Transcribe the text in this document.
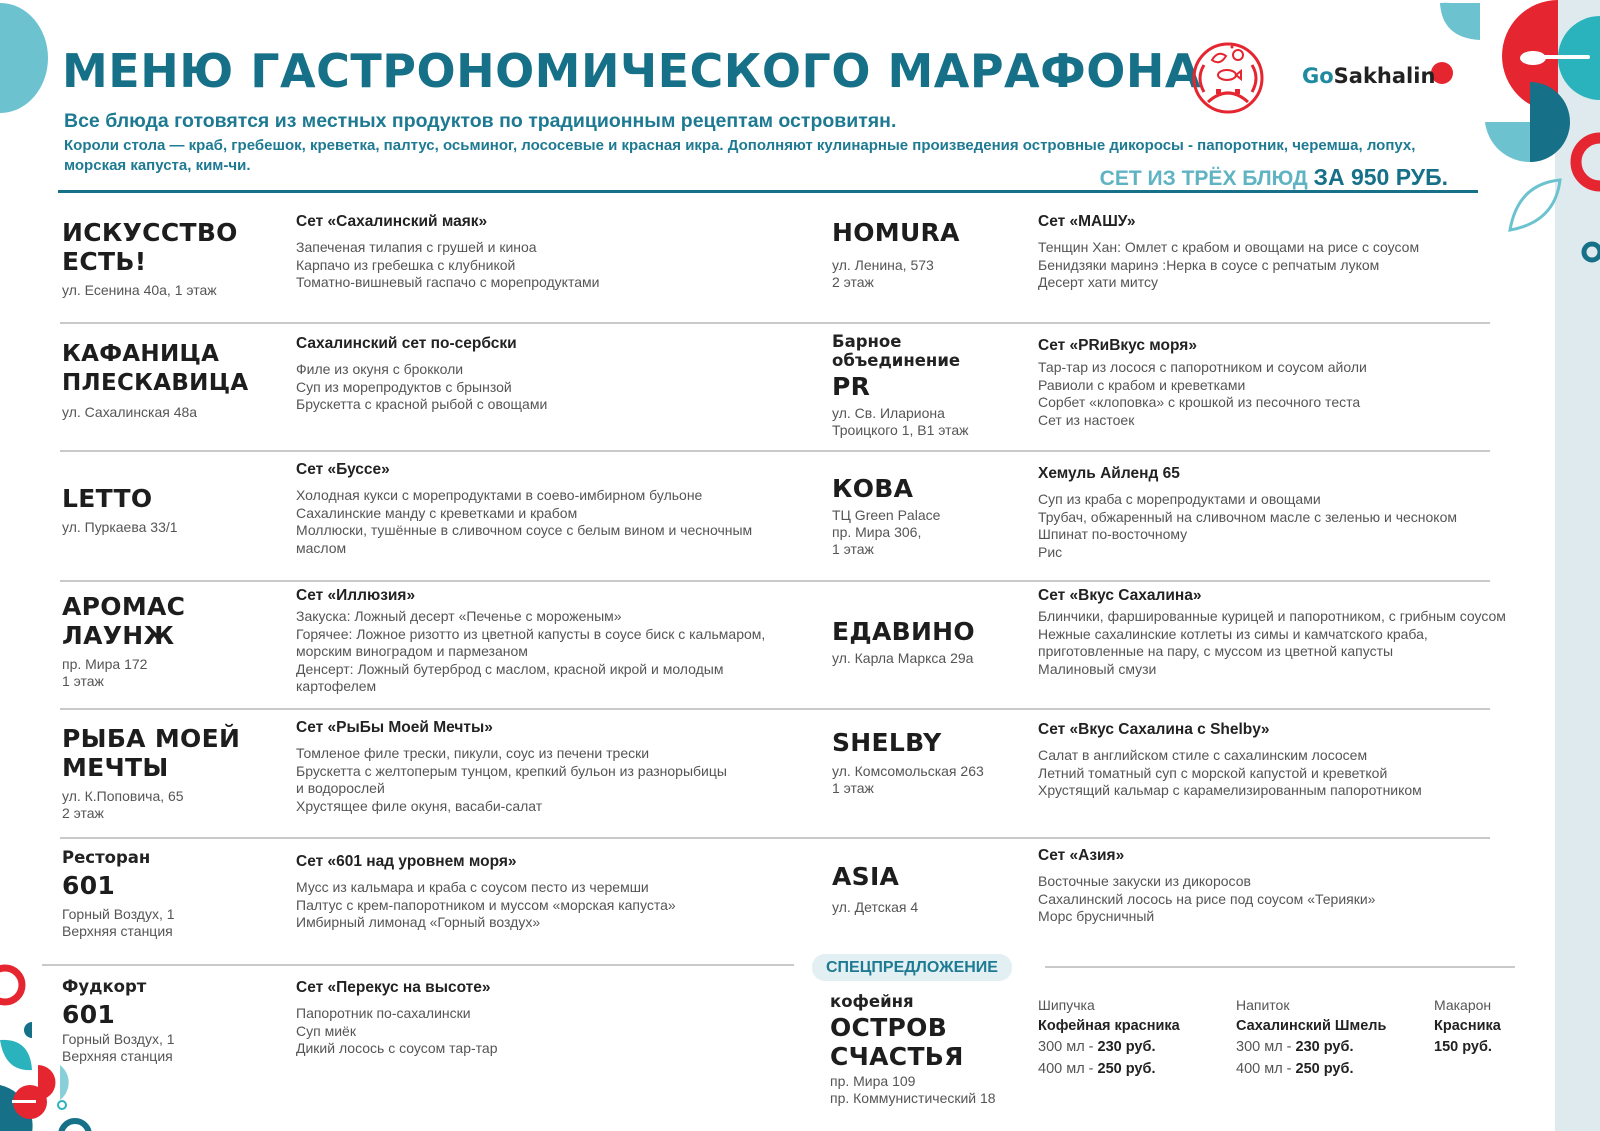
МЕНЮ ГАСТРОНОМИЧЕСКОГО МАРАФОНА
Все блюда готовятся из местных продуктов по традиционным рецептам островитян.
Короли стола — краб, гребешок, креветка, палтус, осьминог, лососевые и красная икра. Дополняют кулинарные произведения островные дикоросы - папоротник, черемша, лопух, морская капуста, ким-чи.
GoSakhalin
СЕТ ИЗ ТРЁХ БЛЮД ЗА 950 РУБ.
ИСКУССТВО ЕСТЬ!
ул. Есенина 40а, 1 этаж
Сет «Сахалинский маяк»
Запеченая тилапия с грушей и киноа
Карпачо из гребешка с клубникой
Томатно-вишневый гаспачо с морепродуктами
КАФАНИЦА ПЛЕСКАВИЦА
ул. Сахалинская 48а
Сахалинский сет по-сербски
Филе из окуня с брокколи
Суп из морепродуктов с брынзой
Брускетта с красной рыбой с овощами
LETTO
ул. Пуркаева 33/1
Сет «Буссе»
Холодная кукси с морепродуктами в соево-имбирном бульоне
Сахалинские манду с креветками и крабом
Моллюски, тушённые в сливочном соусе с белым вином и чесночным маслом
АРОМАС ЛАУНЖ
пр. Мира 172
1 этаж
Сет «Иллюзия»
Закуска: Ложный десерт «Печенье с мороженым»
Горячее: Ложное ризотто из цветной капусты в соусе биск с кальмаром, морским виноградом и пармезаном
Денсерт: Ложный бутерброд с маслом, красной икрой и молодым картофелем
РЫБА МОЕЙ МЕЧТЫ
ул. К.Поповича, 65
2 этаж
Сет «РыБы Моей Мечты»
Томленое филе трески, пикули, соус из печени трески
Брускетта с желтоперым тунцом, крепкий бульон из разнорыбицы и водорослей
Хрустящее филе окуня, васаби-салат
Ресторан
601
Горный Воздух, 1
Верхняя станция
Сет «601 над уровнем моря»
Мусс из кальмара и краба с соусом песто из черемши
Палтус с крем-папоротником и муссом «морская капуста»
Имбирный лимонад «Горный воздух»
Фудкорт
601
Горный Воздух, 1
Верхняя станция
Сет «Перекус на высоте»
Папоротник по-сахалински
Суп миёк
Дикий лосось с соусом тар-тар
HOMURA
ул. Ленина, 573
2 этаж
Сет «МАШУ»
Тенщин Хан: Омлет с крабом и овощами на рисе с соусом
Бенидзяки маринэ :Нерка в соусе с репчатым луком
Десерт хати митсу
Барное объединение
PR
ул. Св. Илариона
Троицкого 1, В1 этаж
Сет «PRиВкус моря»
Тар-тар из лосося с папоротником и соусом айоли
Равиоли с крабом и креветками
Сорбет «клоповка» с крошкой из песочного теста
Сет из настоек
КОВА
ТЦ Green Palace
пр. Мира 306,
1 этаж
Хемуль Айленд 65
Суп из краба с морепродуктами и овощами
Трубач, обжаренный на сливочном масле с зеленью и чесноком
Шпинат по-восточному
Рис
ЕДАВИНО
ул. Карла Маркса 29а
Сет «Вкус Сахалина»
Блинчики, фаршированные курицей и папоротником, с грибным соусом
Нежные сахалинские котлеты из симы и камчатского краба, приготовленные на пару, с муссом из цветной капусты
Малиновый смузи
SHELBY
ул. Комсомольская 263
1 этаж
Сет «Вкус Сахалина с Shelby»
Салат в английском стиле с сахалинским лососем
Летний томатный суп с морской капустой и креветкой
Хрустящий кальмар с карамелизированным папоротником
ASIA
ул. Детская 4
Сет «Азия»
Восточные закуски из дикоросов
Сахалинский лосось на рисе под соусом «Терияки»
Морс брусничный
СПЕЦПРЕДЛОЖЕНИЕ
кофейня
ОСТРОВ
СЧАСТЬЯ
пр. Мира 109
пр. Коммунистический 18
Шипучка
Кофейная красника
300 мл - 230 руб.
400 мл - 250 руб.
Напиток
Сахалинский Шмель
300 мл - 230 руб.
400 мл - 250 руб.
Макарон
Красника
150 руб.
